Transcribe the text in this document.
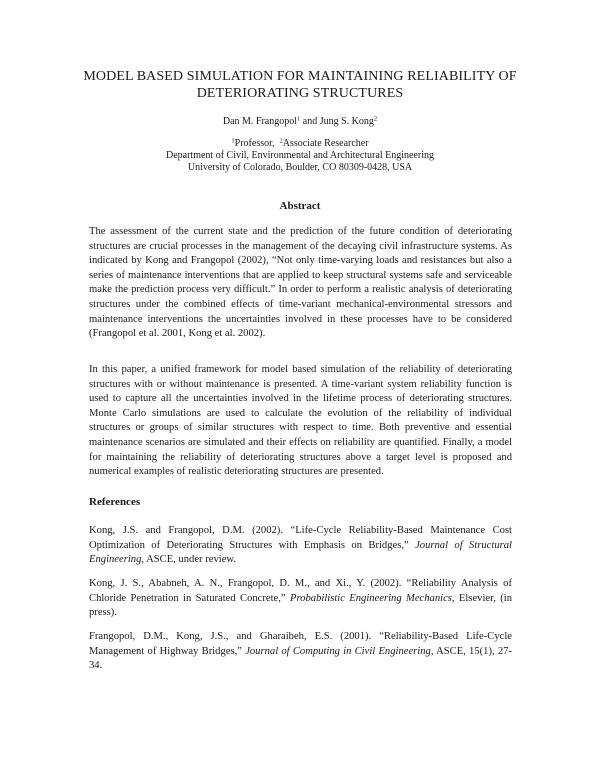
MODEL BASED SIMULATION FOR MAINTAINING RELIABILITY OF
DETERIORATING STRUCTURES
Dan M. Frangopol$^1$ and Jung S. Kong$^2$
$^1$Professor, $^2$Associate Researcher
Department of Civil, Environmental and Architectural Engineering
University of Colorado, Boulder, CO 80309-0428, USA
Abstract
The assessment of the current state and the prediction of the future condition of deteriorating structures are crucial processes in the management of the decaying civil infrastructure systems. As indicated by Kong and Frangopol (2002), “Not only time-varying loads and resistances but also a series of maintenance interventions that are applied to keep structural systems safe and serviceable make the prediction process very difficult.” In order to perform a realistic analysis of deteriorating structures under the combined effects of time-variant mechanical-environmental stressors and maintenance interventions the uncertainties involved in these processes have to be considered (Frangopol et al. 2001, Kong et al. 2002).
In this paper, a unified framework for model based simulation of the reliability of deteriorating structures with or without maintenance is presented. A time-variant system reliability function is used to capture all the uncertainties involved in the lifetime process of deteriorating structures. Monte Carlo simulations are used to calculate the evolution of the reliability of individual structures or groups of similar structures with respect to time. Both preventive and essential maintenance scenarios are simulated and their effects on reliability are quantified. Finally, a model for maintaining the reliability of deteriorating structures above a target level is proposed and numerical examples of realistic deteriorating structures are presented.
References
Kong, J.S. and Frangopol, D.M. (2002). “Life-Cycle Reliability-Based Maintenance Cost Optimization of Deteriorating Structures with Emphasis on Bridges,” Journal of Structural Engineering, ASCE, under review.
Kong, J. S., Ababneh, A. N., Frangopol, D. M., and Xi., Y. (2002). “Reliability Analysis of Chloride Penetration in Saturated Concrete,” Probabilistic Engineering Mechanics, Elsevier, (in press).
Frangopol, D.M., Kong, J.S., and Gharaibeh, E.S. (2001). “Reliability-Based Life-Cycle Management of Highway Bridges,” Journal of Computing in Civil Engineering, ASCE, 15(1), 27-34.
